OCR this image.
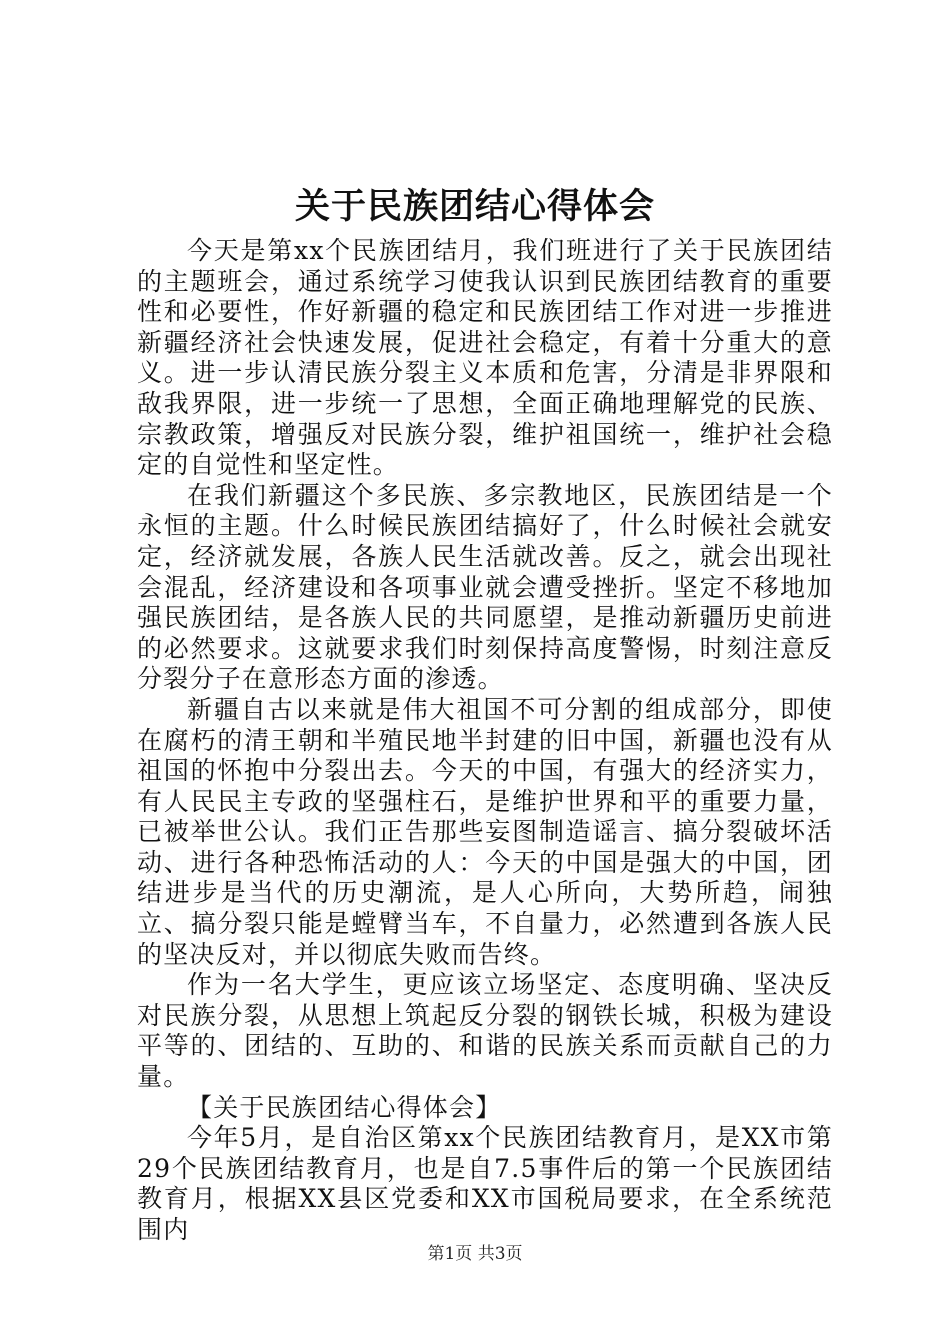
关于民族团结心得体会

今天是第xx个民族团结月，我们班进行了关于民族团结的主题班会，通过系统学习使我认识到民族团结教育的重要性和必要性，作好新疆的稳定和民族团结工作对进一步推进新疆经济社会快速发展，促进社会稳定，有着十分重大的意义。进一步认清民族分裂主义本质和危害，分清是非界限和敌我界限，进一步统一了思想，全面正确地理解党的民族、宗教政策，增强反对民族分裂，维护祖国统一，维护社会稳定的自觉性和坚定性。

在我们新疆这个多民族、多宗教地区，民族团结是一个永恒的主题。什么时候民族团结搞好了，什么时候社会就安定，经济就发展，各族人民生活就改善。反之，就会出现社会混乱，经济建设和各项事业就会遭受挫折。坚定不移地加强民族团结，是各族人民的共同愿望，是推动新疆历史前进的必然要求。这就要求我们时刻保持高度警惕，时刻注意反分裂分子在意形态方面的渗透。

新疆自古以来就是伟大祖国不可分割的组成部分，即使在腐朽的清王朝和半殖民地半封建的旧中国，新疆也没有从祖国的怀抱中分裂出去。今天的中国，有强大的经济实力，有人民民主专政的坚强柱石，是维护世界和平的重要力量，已被举世公认。我们正告那些妄图制造谣言、搞分裂破坏活动、进行各种恐怖活动的人：今天的中国是强大的中国，团结进步是当代的历史潮流，是人心所向，大势所趋，闹独立、搞分裂只能是螳臂当车，不自量力，必然遭到各族人民的坚决反对，并以彻底失败而告终。

作为一名大学生，更应该立场坚定、态度明确、坚决反对民族分裂，从思想上筑起反分裂的钢铁长城，积极为建设平等的、团结的、互助的、和谐的民族关系而贡献自己的力量。

【关于民族团结心得体会】

今年5月，是自治区第xx个民族团结教育月，是XX市第29个民族团结教育月，也是自7.5事件后的第一个民族团结教育月，根据XX县区党委和XX市国税局要求，在全系统范围内

第1页 共3页
